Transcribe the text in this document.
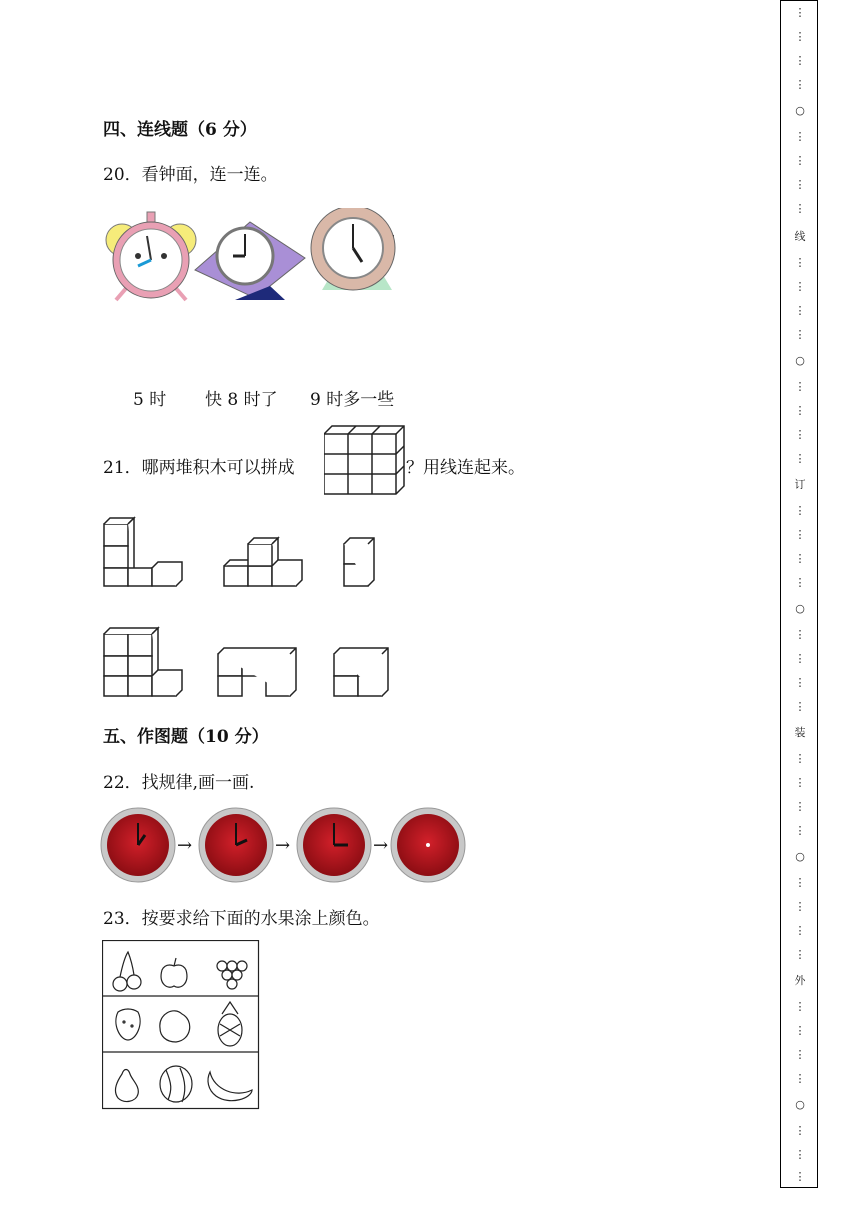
四、连线题（6 分）
20．看钟面，连一连。
5 时 快 8 时了 9 时多一些
21．哪两堆积木可以拼成	？用线连起来。
五、作图题（10 分）
22．找规律,画一画.
→	→	→
23．按要求给下面的水果涂上颜色。
⋮
⋮
⋮
⋮
○
⋮
⋮
⋮
⋮
线
⋮
⋮
⋮
⋮
○
⋮
⋮
⋮
⋮
订
⋮
⋮
⋮
⋮
○
⋮
⋮
⋮
⋮
装
⋮
⋮
⋮
⋮
○
⋮
⋮
⋮
⋮
外
⋮
⋮
⋮
⋮
○
⋮
⋮
⋮
